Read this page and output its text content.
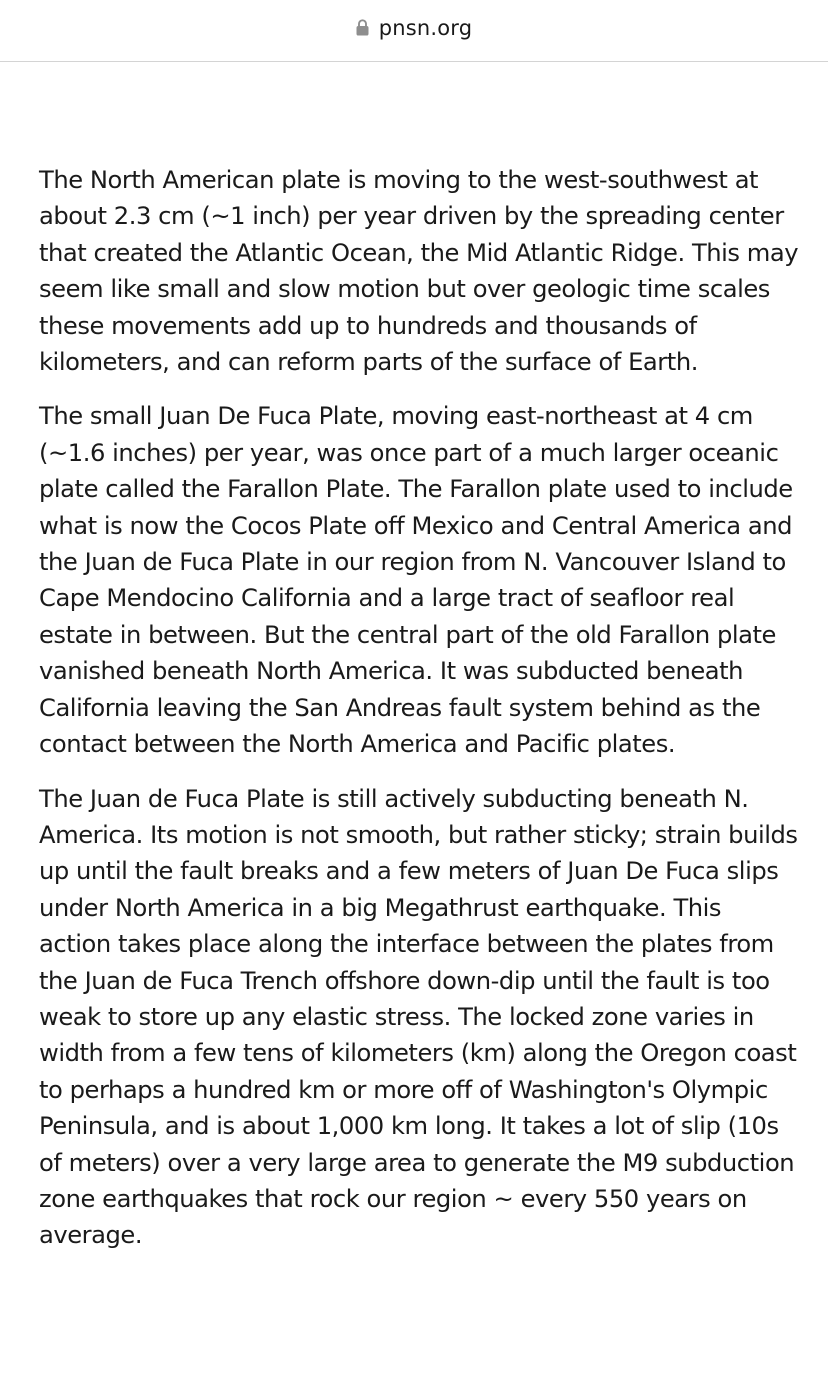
pnsn.org

The North American plate is moving to the west-southwest at about 2.3 cm (~1 inch) per year driven by the spreading center that created the Atlantic Ocean, the Mid Atlantic Ridge. This may seem like small and slow motion but over geologic time scales these movements add up to hundreds and thousands of kilometers, and can reform parts of the surface of Earth.

The small Juan De Fuca Plate, moving east-northeast at 4 cm (~1.6 inches) per year, was once part of a much larger oceanic plate called the Farallon Plate. The Farallon plate used to include what is now the Cocos Plate off Mexico and Central America and the Juan de Fuca Plate in our region from N. Vancouver Island to Cape Mendocino California and a large tract of seafloor real estate in between. But the central part of the old Farallon plate vanished beneath North America. It was subducted beneath California leaving the San Andreas fault system behind as the contact between the North America and Pacific plates.

The Juan de Fuca Plate is still actively subducting beneath N. America. Its motion is not smooth, but rather sticky; strain builds up until the fault breaks and a few meters of Juan De Fuca slips under North America in a big Megathrust earthquake. This action takes place along the interface between the plates from the Juan de Fuca Trench offshore down-dip until the fault is too weak to store up any elastic stress. The locked zone varies in width from a few tens of kilometers (km) along the Oregon coast to perhaps a hundred km or more off of Washington's Olympic Peninsula, and is about 1,000 km long. It takes a lot of slip (10s of meters) over a very large area to generate the M9 subduction zone earthquakes that rock our region ~ every 550 years on average.
